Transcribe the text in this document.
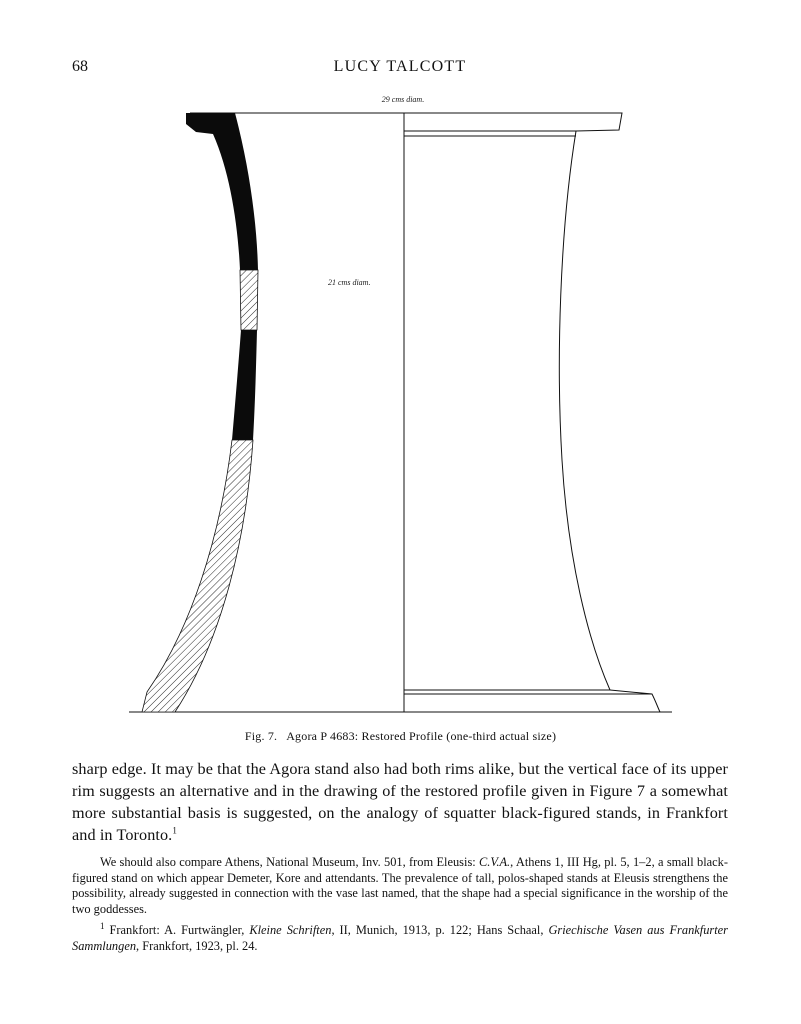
68	LUCY TALCOTT
29 cms diam.
21 cms diam.
Fig. 7.   Agora P 4683: Restored Profile (one-third actual size)
sharp edge. It may be that the Agora stand also had both rims alike, but the vertical face of its upper rim suggests an alternative and in the drawing of the restored profile given in Figure 7 a somewhat more substantial basis is suggested, on the analogy of squatter black-figured stands, in Frankfort and in Toronto.$^1$
We should also compare Athens, National Museum, Inv. 501, from Eleusis: C.V.A., Athens 1, III Hg, pl. 5, 1–2, a small black-figured stand on which appear Demeter, Kore and attendants. The prevalence of tall, polos-shaped stands at Eleusis strengthens the possibility, already suggested in connection with the vase last named, that the shape had a special significance in the worship of the two goddesses.
$^1$ Frankfort: A. Furtwängler, Kleine Schriften, II, Munich, 1913, p. 122; Hans Schaal, Griechische Vasen aus Frankfurter Sammlungen, Frankfort, 1923, pl. 24.
